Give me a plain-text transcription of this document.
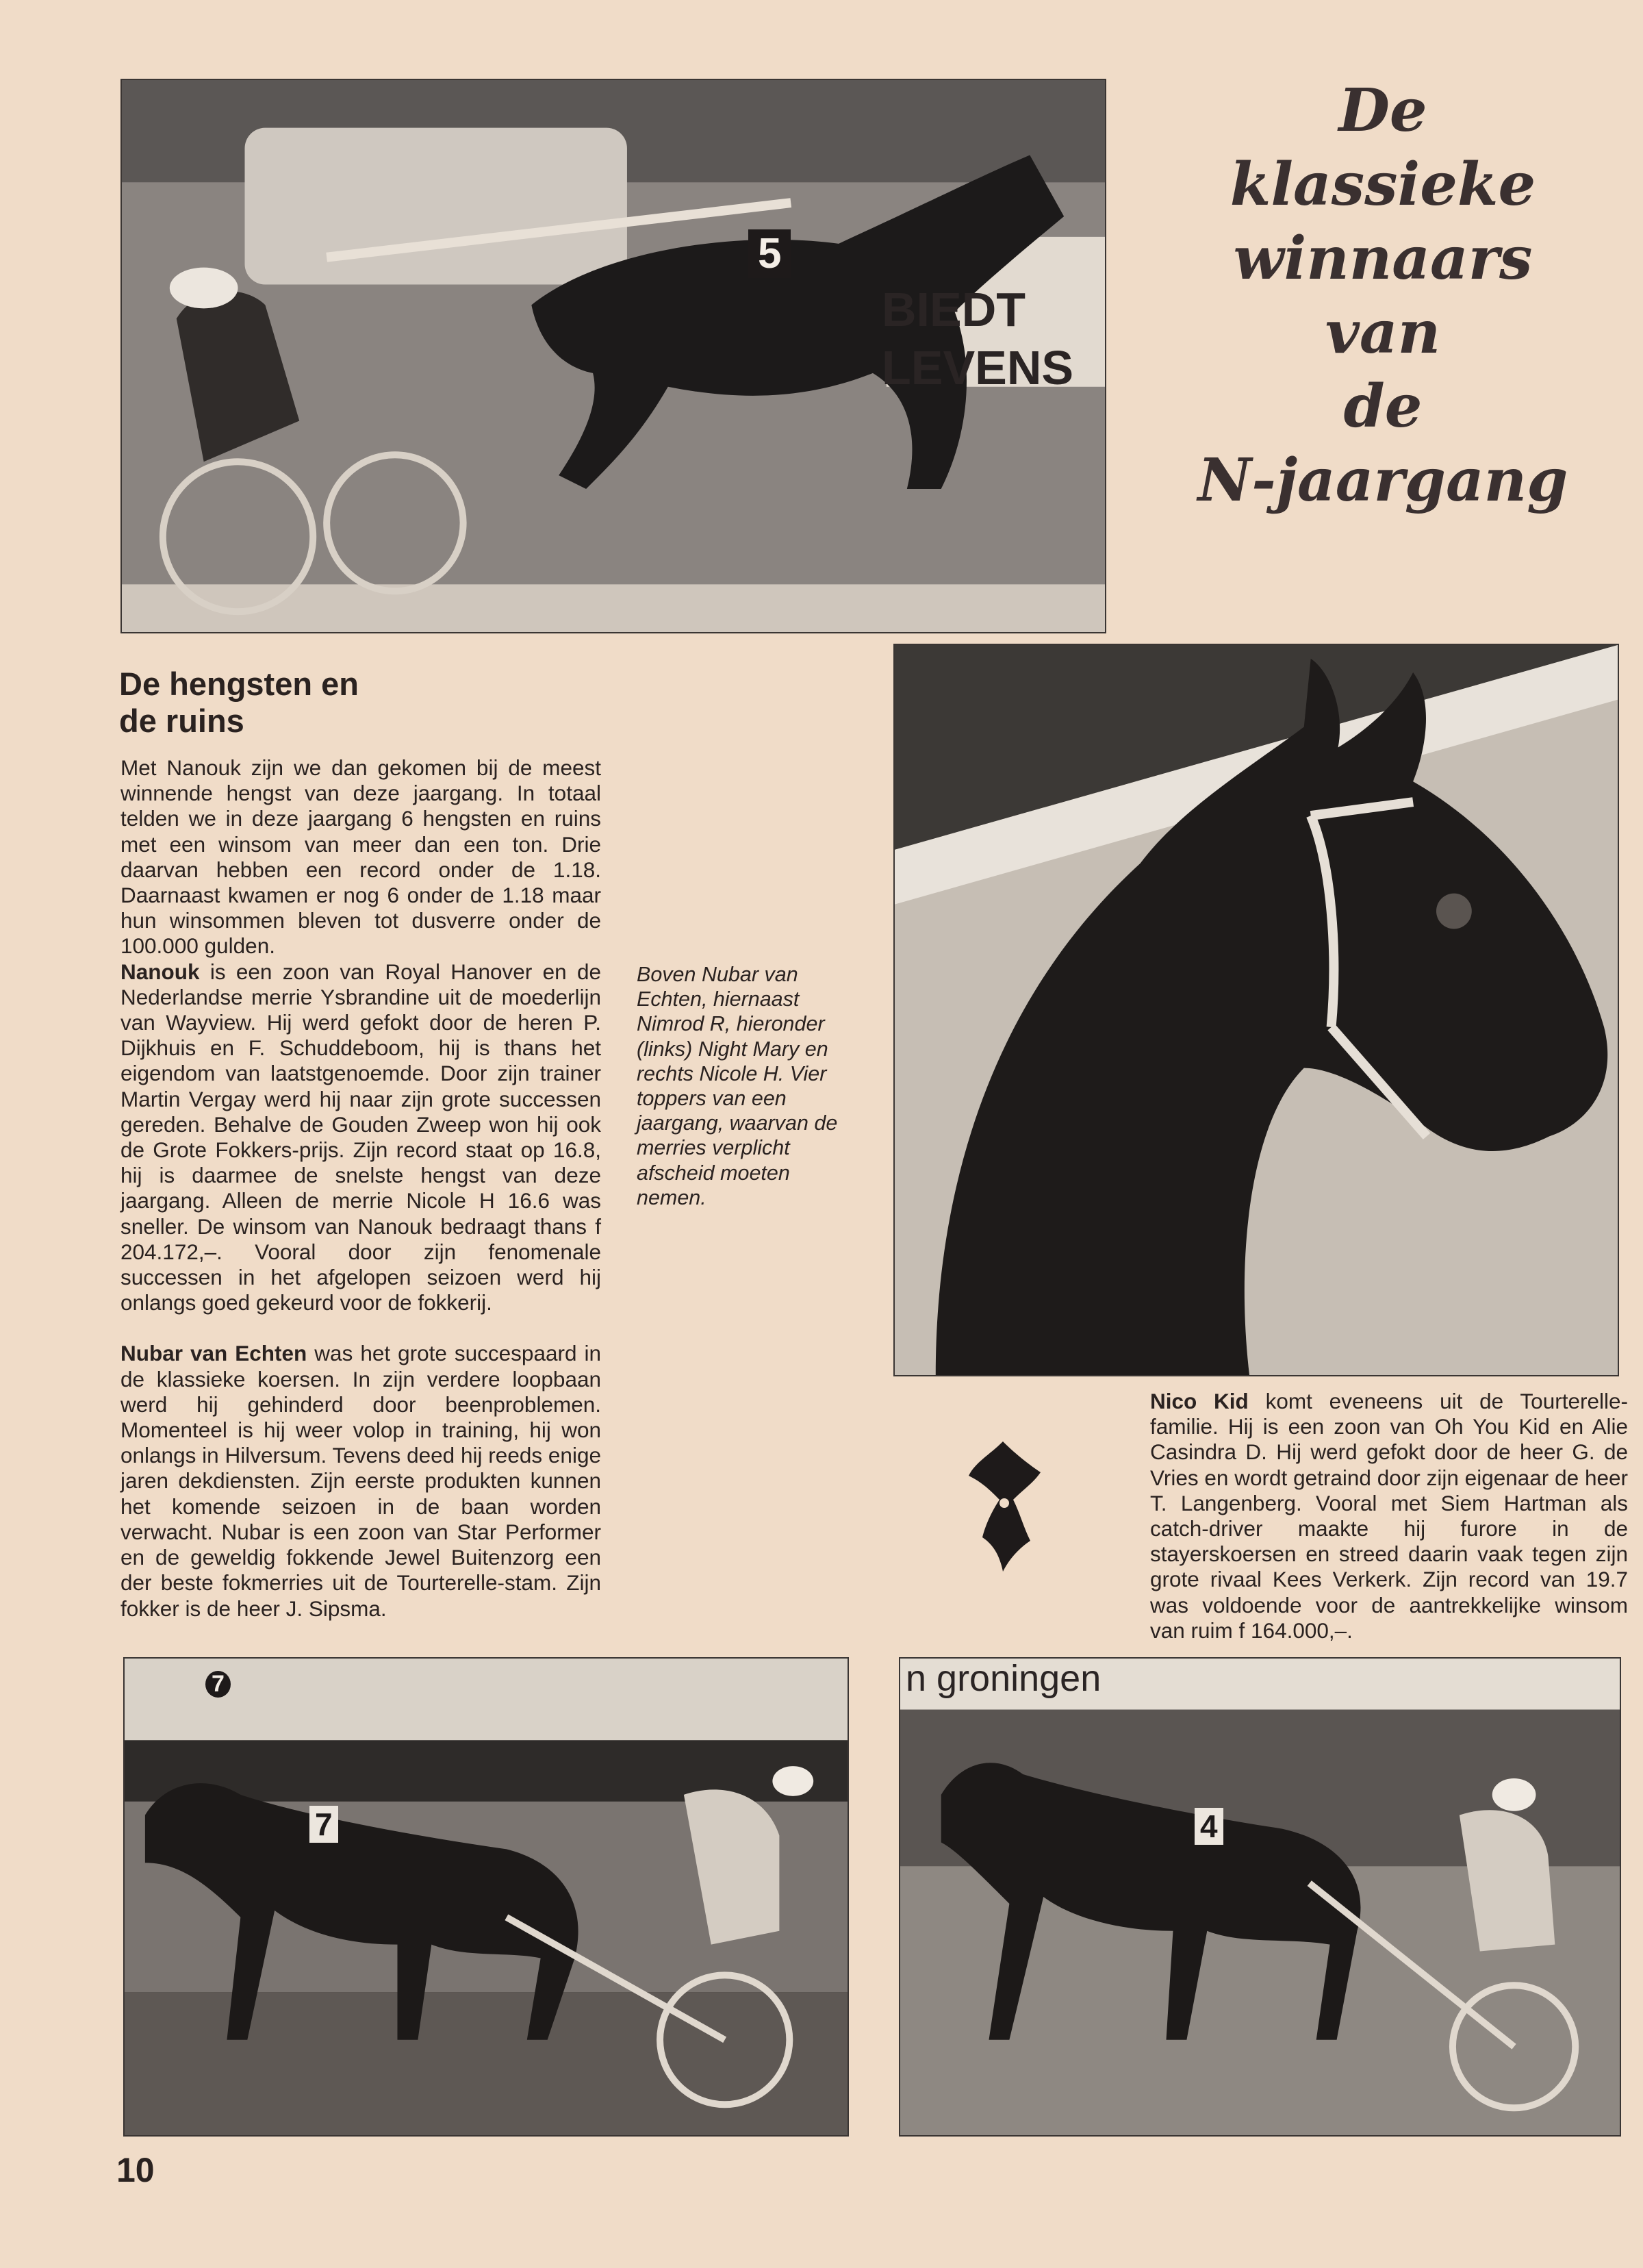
5
BIEDT
LEVENS
De
klassieke
winnaars
van
de
N-jaargang
De hengsten en
de ruins

Met Nanouk zijn we dan gekomen bij de meest winnende hengst van deze jaargang. In totaal telden we in deze jaargang 6 hengsten en ruins met een winsom van meer dan een ton. Drie daarvan hebben een record onder de 1.18. Daarnaast kwamen er nog 6 onder de 1.18 maar hun winsommen bleven tot dusverre onder de 100.000 gulden.

Nanouk is een zoon van Royal Hanover en de Nederlandse merrie Ysbrandine uit de moederlijn van Wayview. Hij werd gefokt door de heren P. Dijkhuis en F. Schuddeboom, hij is thans het eigendom van laatstgenoemde. Door zijn trainer Martin Vergay werd hij naar zijn grote successen gereden. Behalve de Gouden Zweep won hij ook de Grote Fokkers-prijs. Zijn record staat op 16.8, hij is daarmee de snelste hengst van deze jaargang. Alleen de merrie Nicole H 16.6 was sneller. De winsom van Nanouk bedraagt thans f 204.172,–. Vooral door zijn fenomenale successen in het afgelopen seizoen werd hij onlangs goed gekeurd voor de fokkerij.

Nubar van Echten was het grote succespaard in de klassieke koersen. In zijn verdere loopbaan werd hij gehinderd door beenproblemen. Momenteel is hij weer volop in training, hij won onlangs in Hilversum. Tevens deed hij reeds enige jaren dekdiensten. Zijn eerste produkten kunnen het komende seizoen in de baan worden verwacht. Nubar is een zoon van Star Performer en de geweldig fokkende Jewel Buitenzorg een der beste fokmerries uit de Tourterelle-stam. Zijn fokker is de heer J. Sipsma.

Boven Nubar van Echten, hiernaast Nimrod R, hieronder (links) Night Mary en rechts Nicole H. Vier toppers van een jaargang, waarvan de merries verplicht afscheid moeten nemen.

Nico Kid komt eveneens uit de Tourterelle-familie. Hij is een zoon van Oh You Kid en Alie Casindra D. Hij werd gefokt door de heer G. de Vries en wordt getraind door zijn eigenaar de heer T. Langenberg. Vooral met Siem Hartman als catch-driver maakte hij furore in de stayerskoersen en streed daarin vaak tegen zijn grote rivaal Kees Verkerk. Zijn record van 19.7 was voldoende voor de aantrekkelijke winsom van ruim f 164.000,–.

7
7	n groningen
4
10
